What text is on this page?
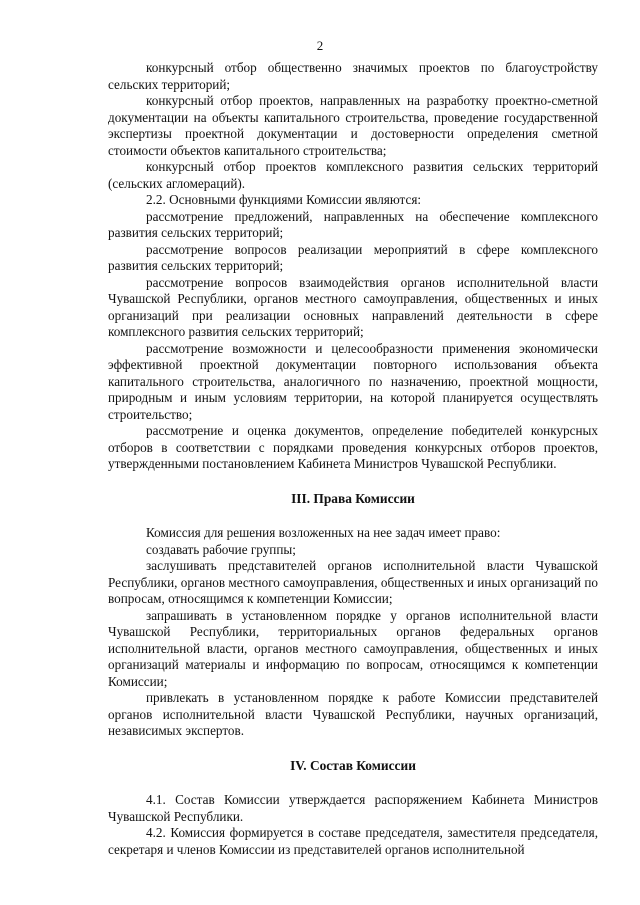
2

конкурсный отбор общественно значимых проектов по благоустройству сельских территорий;

конкурсный отбор проектов, направленных на разработку проектно-сметной документации на объекты капитального строительства, проведение государственной экспертизы проектной документации и достоверности определения сметной стоимости объектов капитального строительства;

конкурсный отбор проектов комплексного развития сельских территорий (сельских агломераций).

2.2. Основными функциями Комиссии являются:

рассмотрение предложений, направленных на обеспечение комплексного развития сельских территорий;

рассмотрение вопросов реализации мероприятий в сфере комплексного развития сельских территорий;

рассмотрение вопросов взаимодействия органов исполнительной власти Чувашской Республики, органов местного самоуправления, общественных и иных организаций при реализации основных направлений деятельности в сфере комплексного развития сельских территорий;

рассмотрение возможности и целесообразности применения экономически эффективной проектной документации повторного использования объекта капитального строительства, аналогичного по назначению, проектной мощности, природным и иным условиям территории, на которой планируется осуществлять строительство;

рассмотрение и оценка документов, определение победителей конкурсных отборов в соответствии с порядками проведения конкурсных отборов проектов, утвержденными постановлением Кабинета Министров Чувашской Республики.

III. Права Комиссии

Комиссия для решения возложенных на нее задач имеет право:

создавать рабочие группы;

заслушивать представителей органов исполнительной власти Чувашской Республики, органов местного самоуправления, общественных и иных организаций по вопросам, относящимся к компетенции Комиссии;

запрашивать в установленном порядке у органов исполнительной власти Чувашской Республики, территориальных органов федеральных органов исполнительной власти, органов местного самоуправления, общественных и иных организаций материалы и информацию по вопросам, относящимся к компетенции Комиссии;

привлекать в установленном порядке к работе Комиссии представителей органов исполнительной власти Чувашской Республики, научных организаций, независимых экспертов.

IV. Состав Комиссии

4.1. Состав Комиссии утверждается распоряжением Кабинета Министров Чувашской Республики.

4.2. Комиссия формируется в составе председателя, заместителя председателя, секретаря и членов Комиссии из представителей органов исполнительной
